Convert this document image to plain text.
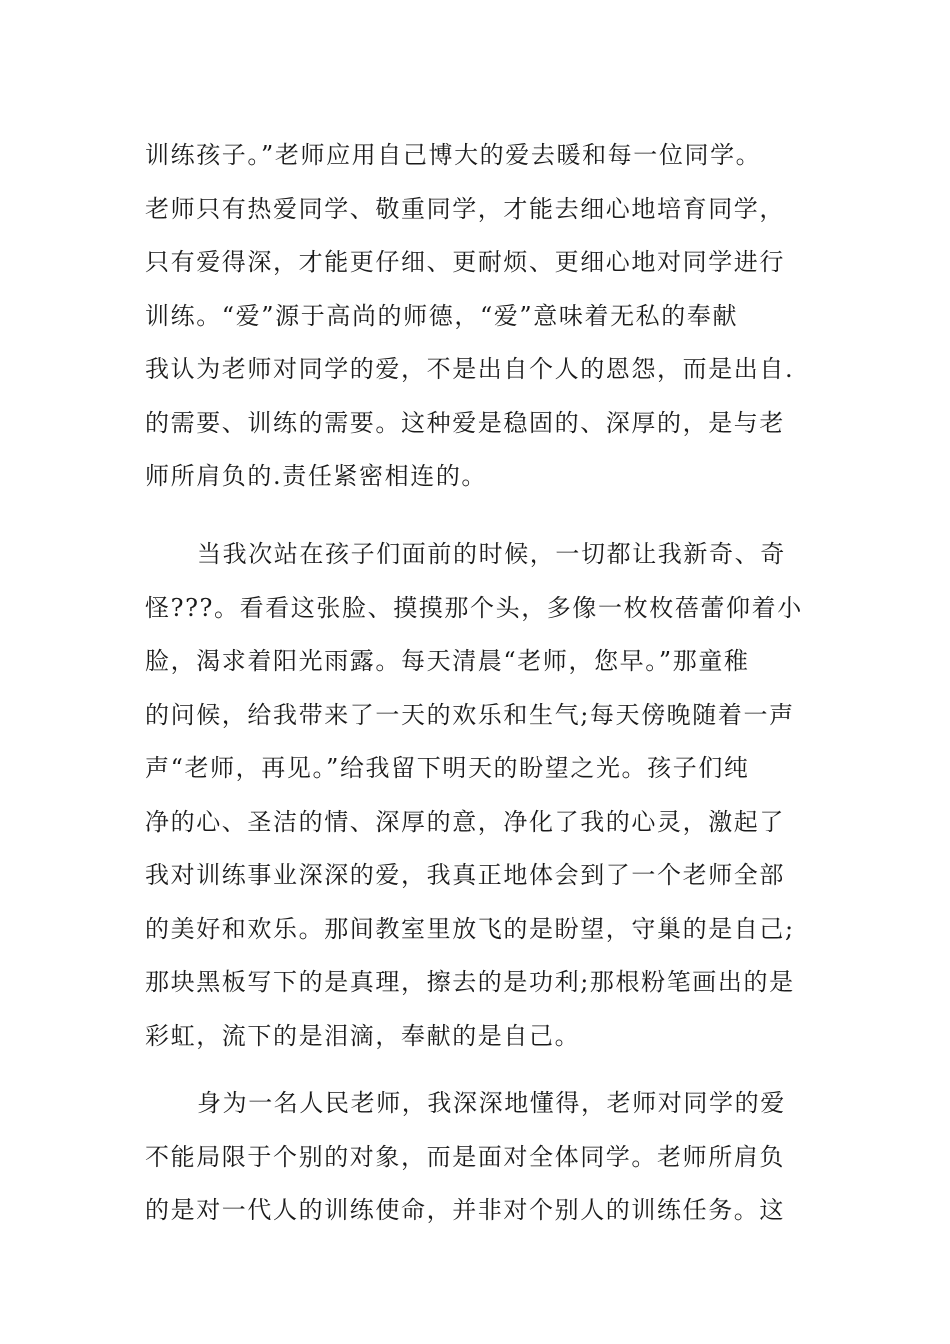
训练孩子。”老师应用自己博大的爱去暖和每一位同学。
老师只有热爱同学、敬重同学，才能去细心地培育同学，
只有爱得深，才能更仔细、更耐烦、更细心地对同学进行
训练。“爱”源于高尚的师德，“爱”意味着无私的奉献
我认为老师对同学的爱，不是出自个人的恩怨，而是出自.
的需要、训练的需要。这种爱是稳固的、深厚的，是与老
师所肩负的.责任紧密相连的。
当我次站在孩子们面前的时候，一切都让我新奇、奇
怪???。看看这张脸、摸摸那个头，多像一枚枚蓓蕾仰着小
脸，渴求着阳光雨露。每天清晨“老师，您早。”那童稚
的问候，给我带来了一天的欢乐和生气;每天傍晚随着一声
声“老师，再见。”给我留下明天的盼望之光。孩子们纯
净的心、圣洁的情、深厚的意，净化了我的心灵，激起了
我对训练事业深深的爱，我真正地体会到了一个老师全部
的美好和欢乐。那间教室里放飞的是盼望，守巢的是自己;
那块黑板写下的是真理，擦去的是功利;那根粉笔画出的是
彩虹，流下的是泪滴，奉献的是自己。
身为一名人民老师，我深深地懂得，老师对同学的爱
不能局限于个别的对象，而是面对全体同学。老师所肩负
的是对一代人的训练使命，并非对个别人的训练任务。这
